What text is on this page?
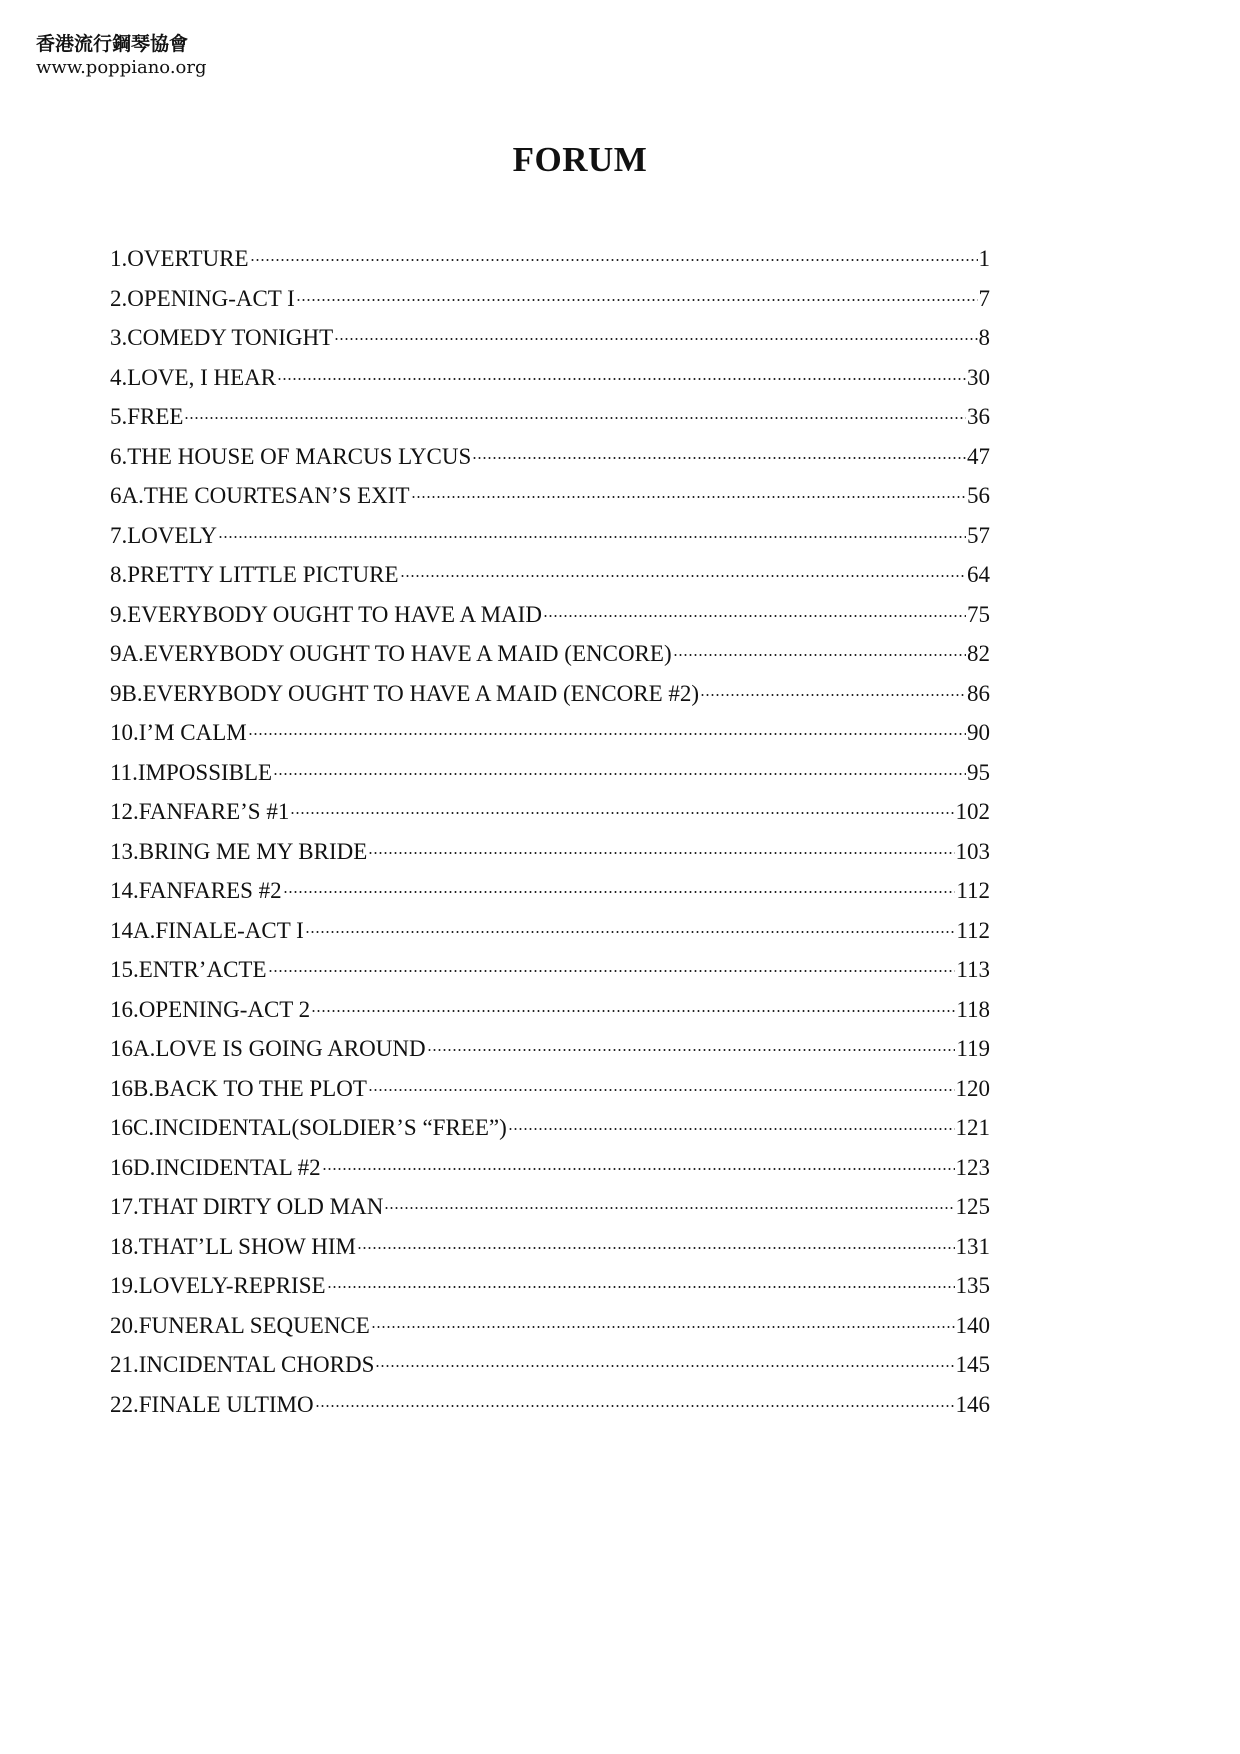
香港流行鋼琴協會
www.poppiano.org
FORUM
1.OVERTURE	1
2.OPENING-ACT I	7
3.COMEDY TONIGHT	8
4.LOVE, I HEAR	30
5.FREE	36
6.THE HOUSE OF MARCUS LYCUS	47
6A.THE COURTESAN’S EXIT	56
7.LOVELY	57
8.PRETTY LITTLE PICTURE	64
9.EVERYBODY OUGHT TO HAVE A MAID	75
9A.EVERYBODY OUGHT TO HAVE A MAID (ENCORE)	82
9B.EVERYBODY OUGHT TO HAVE A MAID (ENCORE #2)	86
10.I’M CALM	90
11.IMPOSSIBLE	95
12.FANFARE’S #1	102
13.BRING ME MY BRIDE	103
14.FANFARES #2	112
14A.FINALE-ACT I	112
15.ENTR’ACTE	113
16.OPENING-ACT 2	118
16A.LOVE IS GOING AROUND	119
16B.BACK TO THE PLOT	120
16C.INCIDENTAL(SOLDIER’S “FREE”)	121
16D.INCIDENTAL #2	123
17.THAT DIRTY OLD MAN	125
18.THAT’LL SHOW HIM	131
19.LOVELY-REPRISE	135
20.FUNERAL SEQUENCE	140
21.INCIDENTAL CHORDS	145
22.FINALE ULTIMO	146
